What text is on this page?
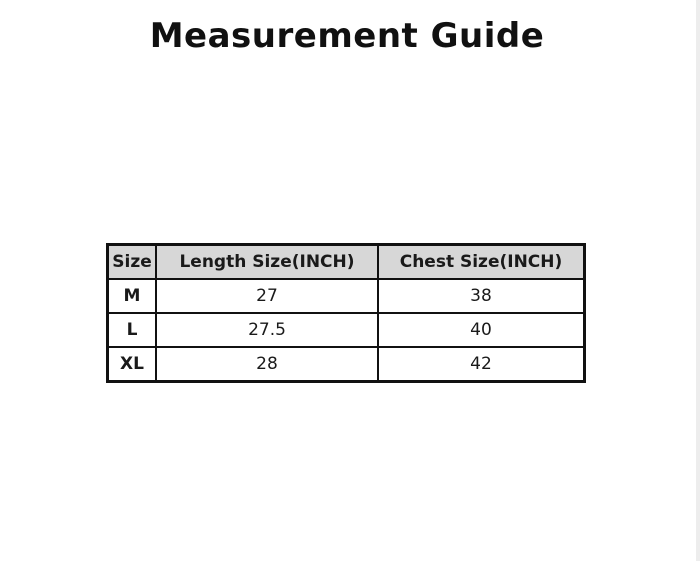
Measurement Guide
Size	Length Size(INCH)	Chest Size(INCH)
M	27	38
L	27.5	40
XL	28	42
